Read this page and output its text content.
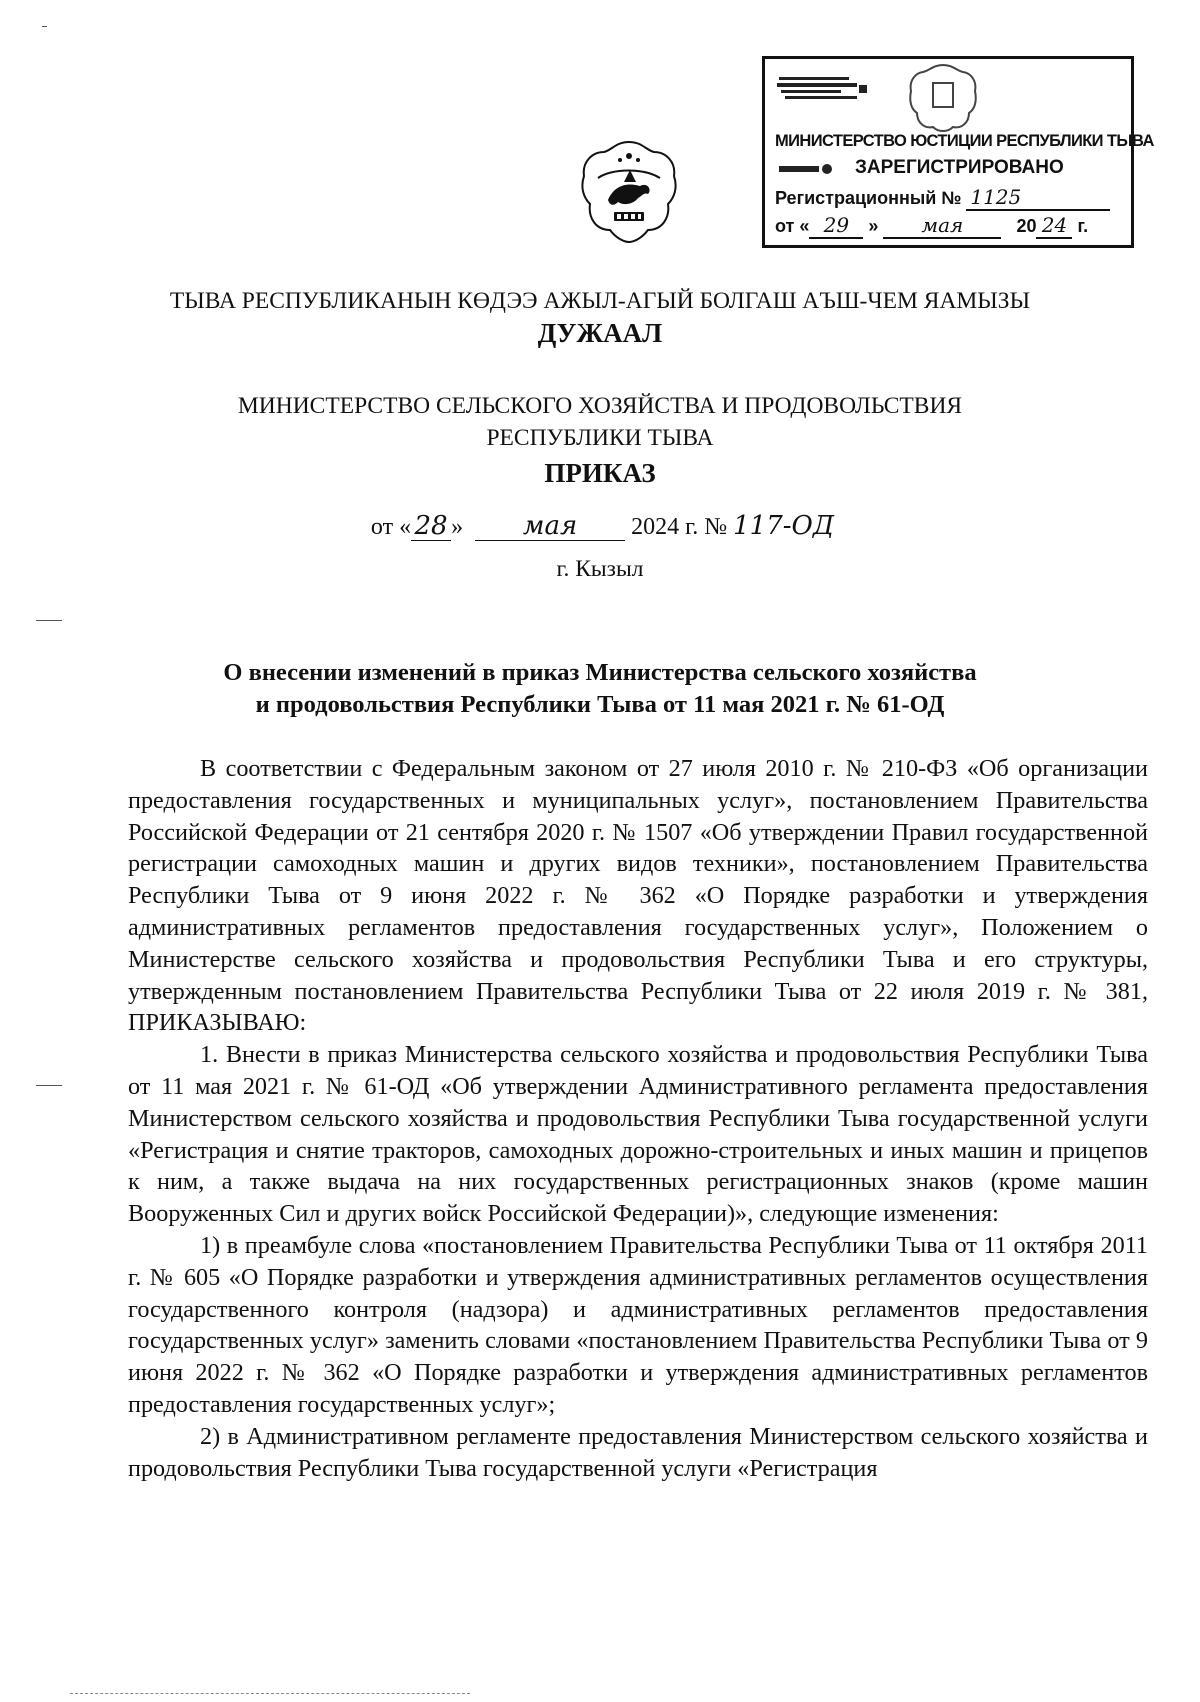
МИНИСТЕРСТВО ЮСТИЦИИ РЕСПУБЛИКИ ТЫВА
ЗАРЕГИСТРИРОВАНО
Регистрационный № 1125
от « 29 » мая	20 24 г.
ТЫВА РЕСПУБЛИКАНЫН КӨДЭЭ АЖЫЛ-АГЫЙ БОЛГАШ АЪШ-ЧЕМ ЯАМЫЗЫ
ДУЖААЛ
МИНИСТЕРСТВО СЕЛЬСКОГО ХОЗЯЙСТВА И ПРОДОВОЛЬСТВИЯ
РЕСПУБЛИКИ ТЫВА
ПРИКАЗ
от « 28 » мая 2024 г. № 117-ОД
г. Кызыл
О внесении изменений в приказ Министерства сельского хозяйства
и продовольствия Республики Тыва от 11 мая 2021 г. № 61-ОД

В соответствии с Федеральным законом от 27 июля 2010 г. № 210-ФЗ «Об организации предоставления государственных и муниципальных услуг», постановлением Правительства Российской Федерации от 21 сентября 2020 г. № 1507 «Об утверждении Правил государственной регистрации самоходных машин и других видов техники», постановлением Правительства Республики Тыва от 9 июня 2022 г. № 362 «О Порядке разработки и утверждения административных регламентов предоставления государственных услуг», Положением о Министерстве сельского хозяйства и продовольствия Республики Тыва и его структуры, утвержденным постановлением Правительства Республики Тыва от 22 июля 2019 г. № 381, ПРИКАЗЫВАЮ:

1. Внести в приказ Министерства сельского хозяйства и продовольствия Республики Тыва от 11 мая 2021 г. № 61-ОД «Об утверждении Административного регламента предоставления Министерством сельского хозяйства и продовольствия Республики Тыва государственной услуги «Регистрация и снятие тракторов, самоходных дорожно-строительных и иных машин и прицепов к ним, а также выдача на них государственных регистрационных знаков (кроме машин Вооруженных Сил и других войск Российской Федерации)», следующие изменения:

1) в преамбуле слова «постановлением Правительства Республики Тыва от 11 октября 2011 г. № 605 «О Порядке разработки и утверждения административных регламентов осуществления государственного контроля (надзора) и административных регламентов предоставления государственных услуг» заменить словами «постановлением Правительства Республики Тыва от 9 июня 2022 г. № 362 «О Порядке разработки и утверждения административных регламентов предоставления государственных услуг»;

2) в Административном регламенте предоставления Министерством сельского хозяйства и продовольствия Республики Тыва государственной услуги «Регистрация
